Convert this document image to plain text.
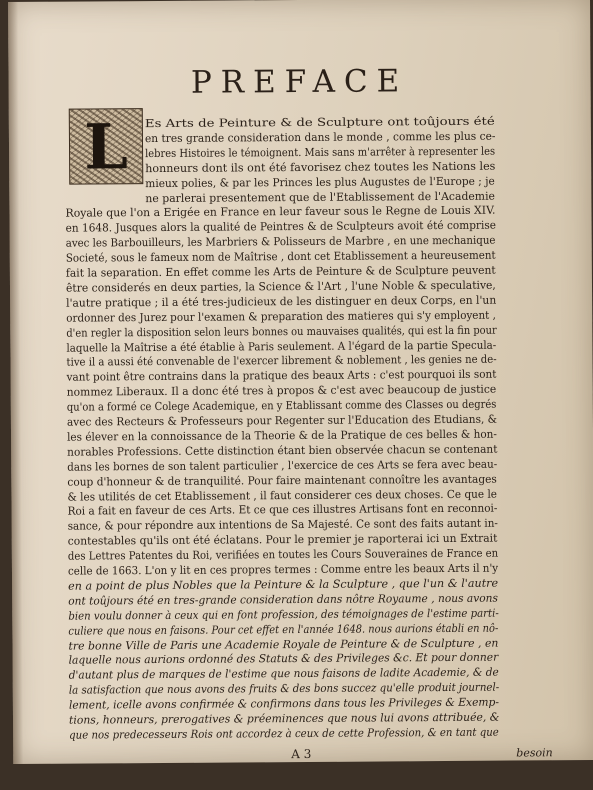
PREFACE
L	Es Arts de Peinture & de Sculpture ont toûjours été
en tres grande consideration dans le monde , comme les plus ce-
lebres Histoires le témoignent. Mais sans m'arrêter à representer les
honneurs dont ils ont été favorisez chez toutes les Nations les
mieux polies, & par les Princes les plus Augustes de l'Europe ; je
ne parlerai presentement que de l'Etablissement de l'Academie
Royale que l'on a Erigée en France en leur faveur sous le Regne de Louis XIV.
en 1648. Jusques alors la qualité de Peintres & de Sculpteurs avoit été comprise
avec les Barbouilleurs, les Marbriers & Polisseurs de Marbre , en une mechanique
Societé, sous le fameux nom de Maîtrise , dont cet Etablissement a heureusement
fait la separation. En effet comme les Arts de Peinture & de Sculpture peuvent
être considerés en deux parties, la Science & l'Art , l'une Noble & speculative,
l'autre pratique ; il a été tres-judicieux de les distinguer en deux Corps, en l'un
ordonner des Jurez pour l'examen & preparation des matieres qui s'y employent ,
d'en regler la disposition selon leurs bonnes ou mauvaises qualités, qui est la fin pour
laquelle la Maîtrise a été établie à Paris seulement. A l'égard de la partie Specula-
tive il a aussi été convenable de l'exercer librement & noblement , les genies ne de-
vant point être contrains dans la pratique des beaux Arts : c'est pourquoi ils sont
nommez Liberaux. Il a donc été tres à propos & c'est avec beaucoup de justice
qu'on a formé ce Colege Academique, en y Etablissant comme des Classes ou degrés
avec des Recteurs & Professeurs pour Regenter sur l'Education des Etudians, &
les élever en la connoissance de la Theorie & de la Pratique de ces belles & hon-
norables Professions. Cette distinction étant bien observée chacun se contenant
dans les bornes de son talent particulier , l'exercice de ces Arts se fera avec beau-
coup d'honneur & de tranquilité. Pour faire maintenant connoître les avantages
& les utilités de cet Etablissement , il faut considerer ces deux choses. Ce que le
Roi a fait en faveur de ces Arts. Et ce que ces illustres Artisans font en reconnoi-
sance, & pour répondre aux intentions de Sa Majesté. Ce sont des faits autant in-
contestables qu'ils ont été éclatans. Pour le premier je raporterai ici un Extrait
des Lettres Patentes du Roi, verifiées en toutes les Cours Souveraines de France en
celle de 1663. L'on y lit en ces propres termes : Comme entre les beaux Arts il n'y
en a point de plus Nobles que la Peinture & la Sculpture , que l'un & l'autre
ont toûjours été en tres-grande consideration dans nôtre Royaume , nous avons
bien voulu donner à ceux qui en font profession, des témoignages de l'estime parti-
culiere que nous en faisons. Pour cet effet en l'année 1648. nous aurions établi en nô-
tre bonne Ville de Paris une Academie Royale de Peinture & de Sculpture , en
laquelle nous aurions ordonné des Statuts & des Privileges &c. Et pour donner
d'autant plus de marques de l'estime que nous faisons de ladite Academie, & de
la satisfaction que nous avons des fruits & des bons succez qu'elle produit journel-
lement, icelle avons confirmée & confirmons dans tous les Privileges & Exemp-
tions, honneurs, prerogatives & préeminences que nous lui avons attribuée, &
que nos predecesseurs Rois ont accordez à ceux de cette Profession, & en tant que
A 3	besoin
